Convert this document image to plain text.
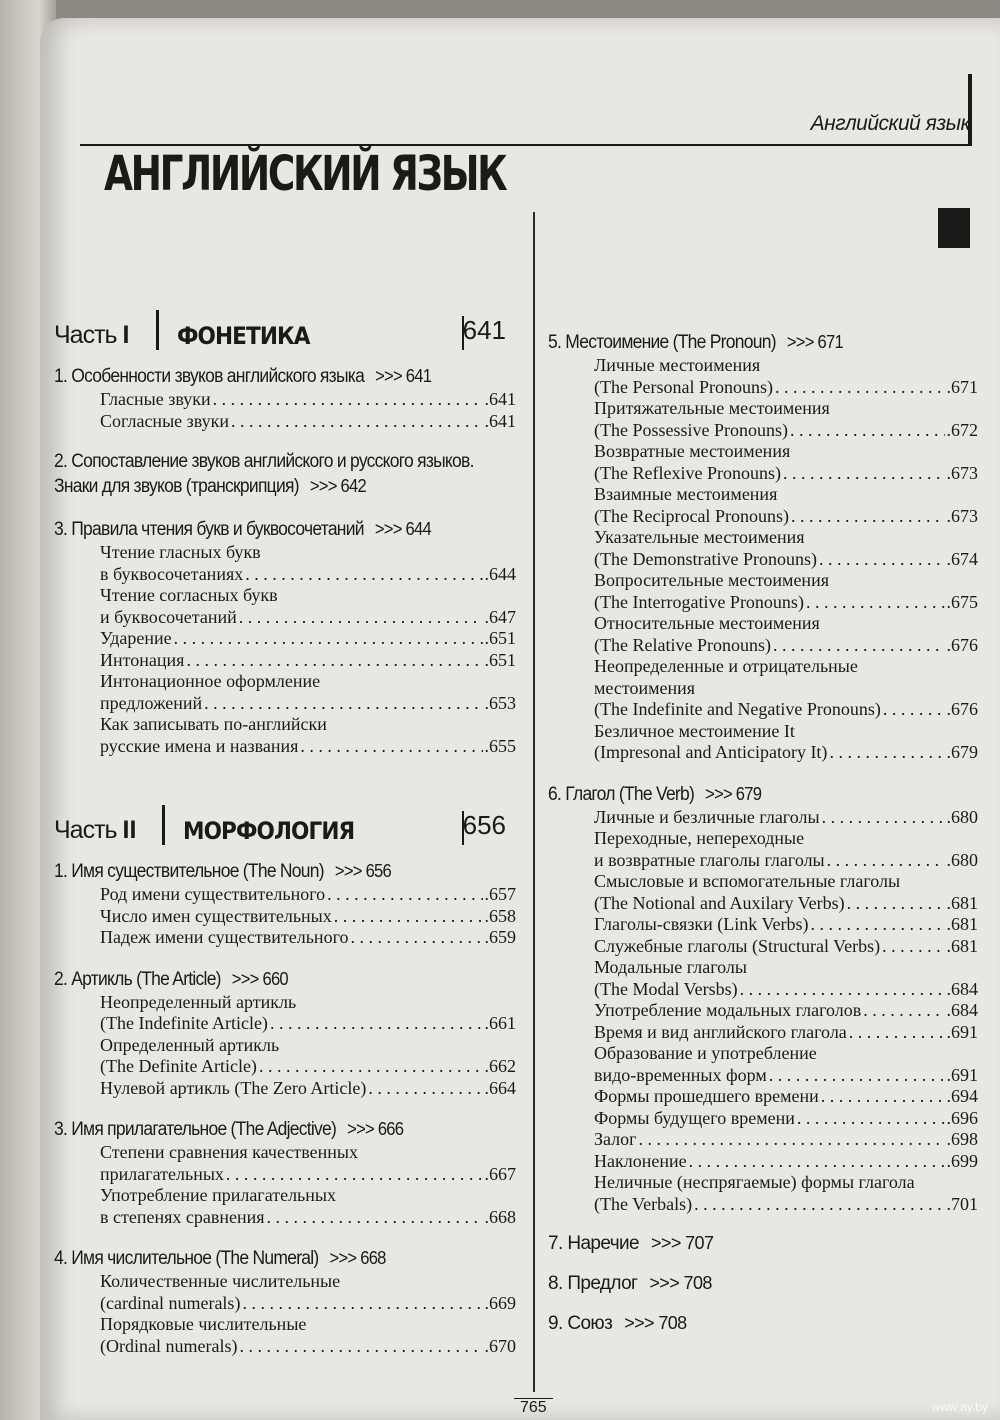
Английский язык
АНГЛИЙСКИЙ ЯЗЫК
Часть I ФОНЕТИКА	641
1. Особенности звуков английского языка >>> 641
Гласные звуки . . .	.641
Согласные звуки . . .	.641
2. Сопоставление звуков английского и русского языков. Знаки для звуков (транскрипция) >>> 642
3. Правила чтения букв и буквосочетаний >>> 644
Чтение гласных букв
в буквосочетаниях . . .	.644
Чтение согласных букв
и буквосочетаний . . .	.647
Ударение . . .	.651
Интонация . . .	.651
Интонационное оформление
предложений . . .	.653
Как записывать по-английски
русские имена и названия . . .	.655
Часть II МОРФОЛОГИЯ	656
1. Имя существительное (The Noun) >>> 656
Род имени существительного . . .	.657
Число имен существительных . . .	.658
Падеж имени существительного . . .	.659
2. Артикль (The Article) >>> 660
Неопределенный артикль
(The Indefinite Article) . . .	.661
Определенный артикль
(The Definite Article) . . .	.662
Нулевой артикль (The Zero Article) . . .	.664
3. Имя прилагательное (The Adjective) >>> 666
Степени сравнения качественных
прилагательных . . .	.667
Употребление прилагательных
в степенях сравнения . . .	.668
4. Имя числительное (The Numeral) >>> 668
Количественные числительные
(cardinal numerals) . . .	.669
Порядковые числительные
(Ordinal numerals) . . .	.670
5. Местоимение (The Pronoun) >>> 671
Личные местоимения
(The Personal Pronouns) . . .	.671
Притяжательные местоимения
(The Possessive Pronouns) . . .	.672
Возвратные местоимения
(The Reflexive Pronouns) . . .	.673
Взаимные местоимения
(The Reciprocal Pronouns) . . .	.673
Указательные местоимения
(The Demonstrative Pronouns) . . .	.674
Вопросительные местоимения
(The Interrogative Pronouns) . . .	.675
Относительные местоимения
(The Relative Pronouns) . . .	.676
Неопределенные и отрицательные
местоимения
(The Indefinite and Negative Pronouns) . . .	.676
Безличное местоимение It
(Impresonal and Anticipatory It) . . .	.679
6. Глагол (The Verb) >>> 679
Личные и безличные глаголы . . .	.680
Переходные, непереходные
и возвратные глаголы глаголы . . .	.680
Смысловые и вспомогательные глаголы
(The Notional and Auxilary Verbs) . . .	.681
Глаголы-связки (Link Verbs) . . .	.681
Служебные глаголы (Structural Verbs) . . .	.681
Модальные глаголы
(The Modal Versbs) . . .	.684
Употребление модальных глаголов . . .	.684
Время и вид английского глагола . . .	.691
Образование и употребление
видо-временных форм . . .	.691
Формы прошедшего времени . . .	.694
Формы будущего времени . . .	.696
Залог . . .	.698
Наклонение . . .	.699
Неличные (неспрягаемые) формы глагола
(The Verbals) . . .	.701
7. Наречие >>> 707
8. Предлог >>> 708
9. Союз >>> 708
765	www.ay.by
